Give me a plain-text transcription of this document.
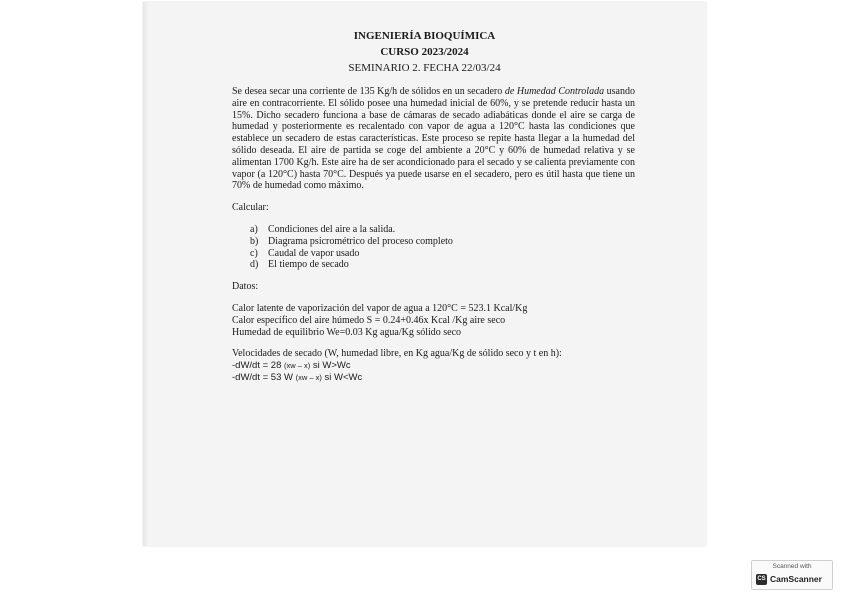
INGENIERÍA BIOQUÍMICA
CURSO 2023/2024
SEMINARIO 2. FECHA 22/03/24

Se desea secar una corriente de 135 Kg/h de sólidos en un secadero de Humedad Controlada usando aire en contracorriente. El sólido posee una humedad inicial de 60%, y se pretende reducir hasta un 15%. Dicho secadero funciona a base de cámaras de secado adiabáticas donde el aire se carga de humedad y posteriormente es recalentado con vapor de agua a 120°C hasta las condiciones que establece un secadero de estas características. Este proceso se repite hasta llegar a la humedad del sólido deseada. El aire de partida se coge del ambiente a 20°C y 60% de humedad relativa y se alimentan 1700 Kg/h. Este aire ha de ser acondicionado para el secado y se calienta previamente con vapor (a 120°C) hasta 70°C. Después ya puede usarse en el secadero, pero es útil hasta que tiene un 70% de humedad como máximo.

Calcular:

a)	Condiciones del aire a la salida.
b) Diagrama psicrométrico del proceso completo
c)	Caudal de vapor usado
d) El tiempo de secado

Datos:

Calor latente de vaporización del vapor de agua a 120°C = 523.1 Kcal/Kg
Calor específico del aire húmedo S = 0.24+0.46x Kcal /Kg aire seco
Humedad de equilibrio We=0.03 Kg agua/Kg sólido seco
Velocidades de secado (W, humedad libre, en Kg agua/Kg de sólido seco y t en h):
-dW/dt = 28 (xw – x) si W>Wc
-dW/dt = 53 W (xw – x) si W<Wc
Scanned with
CS CamScanner
